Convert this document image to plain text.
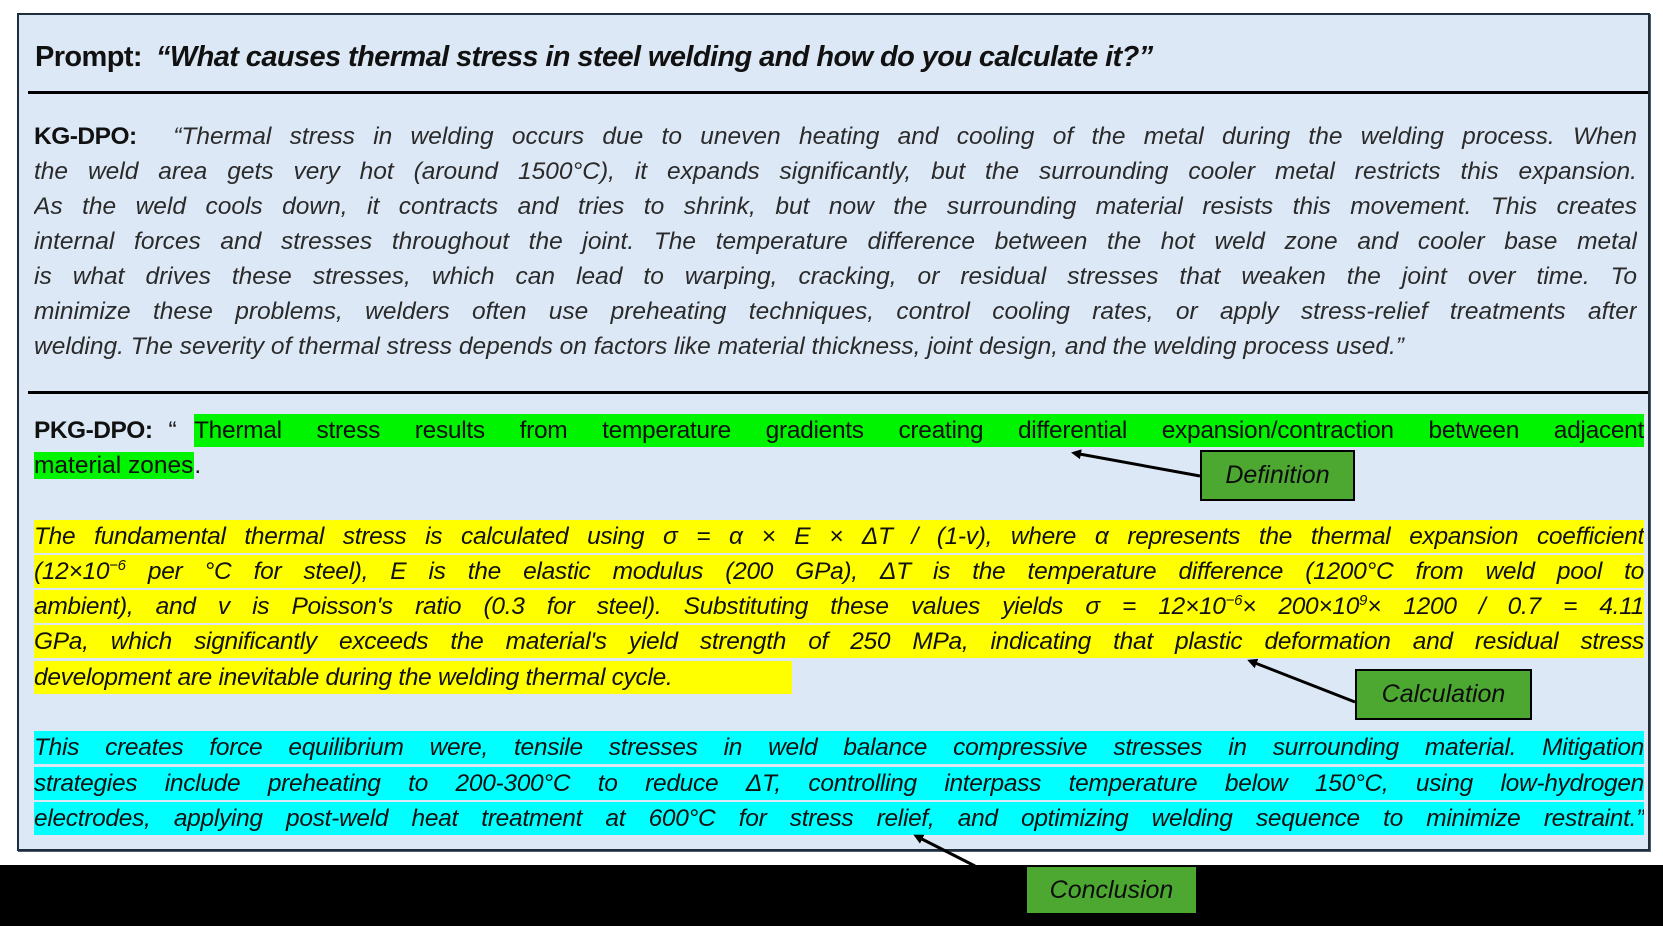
Prompt: “What causes thermal stress in steel welding and how do you calculate it?”
KG-DPO: “Thermal stress in welding occurs due to uneven heating and cooling of the metal during the welding process. When
the weld area gets very hot (around 1500°C), it expands significantly, but the surrounding cooler metal restricts this expansion.
As the weld cools down, it contracts and tries to shrink, but now the surrounding material resists this movement. This creates
internal forces and stresses throughout the joint. The temperature difference between the hot weld zone and cooler base metal
is what drives these stresses, which can lead to warping, cracking, or residual stresses that weaken the joint over time. To
minimize these problems, welders often use preheating techniques, control cooling rates, or apply stress-relief treatments after
welding. The severity of thermal stress depends on factors like material thickness, joint design, and the welding process used.”
PKG-DPO: “ Thermal stress results from temperature gradients creating differential expansion/contraction between adjacent
material zones.
The fundamental thermal stress is calculated using σ = α × E × ΔT / (1-v), where α represents the thermal expansion coefficient
($12\times 10^{-6}$ per °C for steel), E is the elastic modulus (200 GPa), ΔT is the temperature difference (1200°C from weld pool to
ambient), and v is Poisson's ratio (0.3 for steel). Substituting these values yields $\sigma = 12\times 10^{-6}\times 200\times 10^9\times 1200 / 0.7 = 4.11$
GPa, which significantly exceeds the material's yield strength of 250 MPa, indicating that plastic deformation and residual stress
development are inevitable during the welding thermal cycle.
This creates force equilibrium were, tensile stresses in weld balance compressive stresses in surrounding material. Mitigation
strategies include preheating to 200-300°C to reduce ΔT, controlling interpass temperature below 150°C, using low-hydrogen
electrodes, applying post-weld heat treatment at 600°C for stress relief, and optimizing welding sequence to minimize restraint.”
Definition
Calculation
Conclusion
